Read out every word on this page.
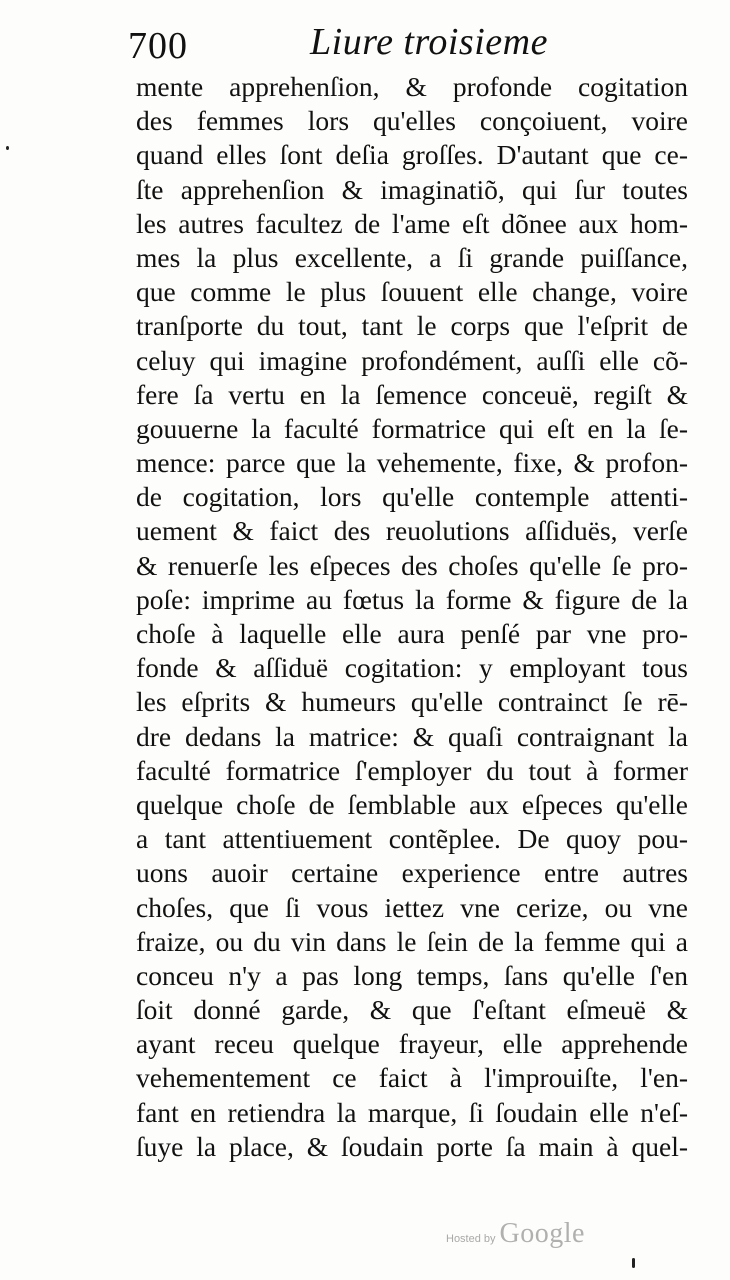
700	Liure troisieme
mente apprehenſion, & profonde cogitation
des femmes lors qu'elles conçoiuent, voire
quand elles ſont deſia groſſes. D'autant que ce-
ſte apprehenſion & imaginatiõ, qui ſur toutes
les autres facultez de l'ame eſt dõnee aux hom-
mes la plus excellente, a ſi grande puiſſance,
que comme le plus ſouuent elle change, voire
tranſporte du tout, tant le corps que l'eſprit de
celuy qui imagine profondément, auſſi elle cõ-
fere ſa vertu en la ſemence conceuë, regiſt &
gouuerne la faculté formatrice qui eſt en la ſe-
mence: parce que la vehemente, fixe, & profon-
de cogitation, lors qu'elle contemple attenti-
uement & faict des reuolutions aſſiduës, verſe
& renuerſe les eſpeces des choſes qu'elle ſe pro-
poſe: imprime au fœtus la forme & figure de la
choſe à laquelle elle aura penſé par vne pro-
fonde & aſſiduë cogitation: y employant tous
les eſprits & humeurs qu'elle contrainct ſe rē-
dre dedans la matrice: & quaſi contraignant la
faculté formatrice ſ'employer du tout à former
quelque choſe de ſemblable aux eſpeces qu'elle
a tant attentiuement contẽplee. De quoy pou-
uons auoir certaine experience entre autres
choſes, que ſi vous iettez vne cerize, ou vne
fraize, ou du vin dans le ſein de la femme qui a
conceu n'y a pas long temps, ſans qu'elle ſ'en
ſoit donné garde, & que ſ'eſtant eſmeuë &
ayant receu quelque frayeur, elle apprehende
vehementement ce faict à l'improuiſte, l'en-
fant en retiendra la marque, ſi ſoudain elle n'eſ-
ſuye la place, & ſoudain porte ſa main à quel-
Hosted by Google
